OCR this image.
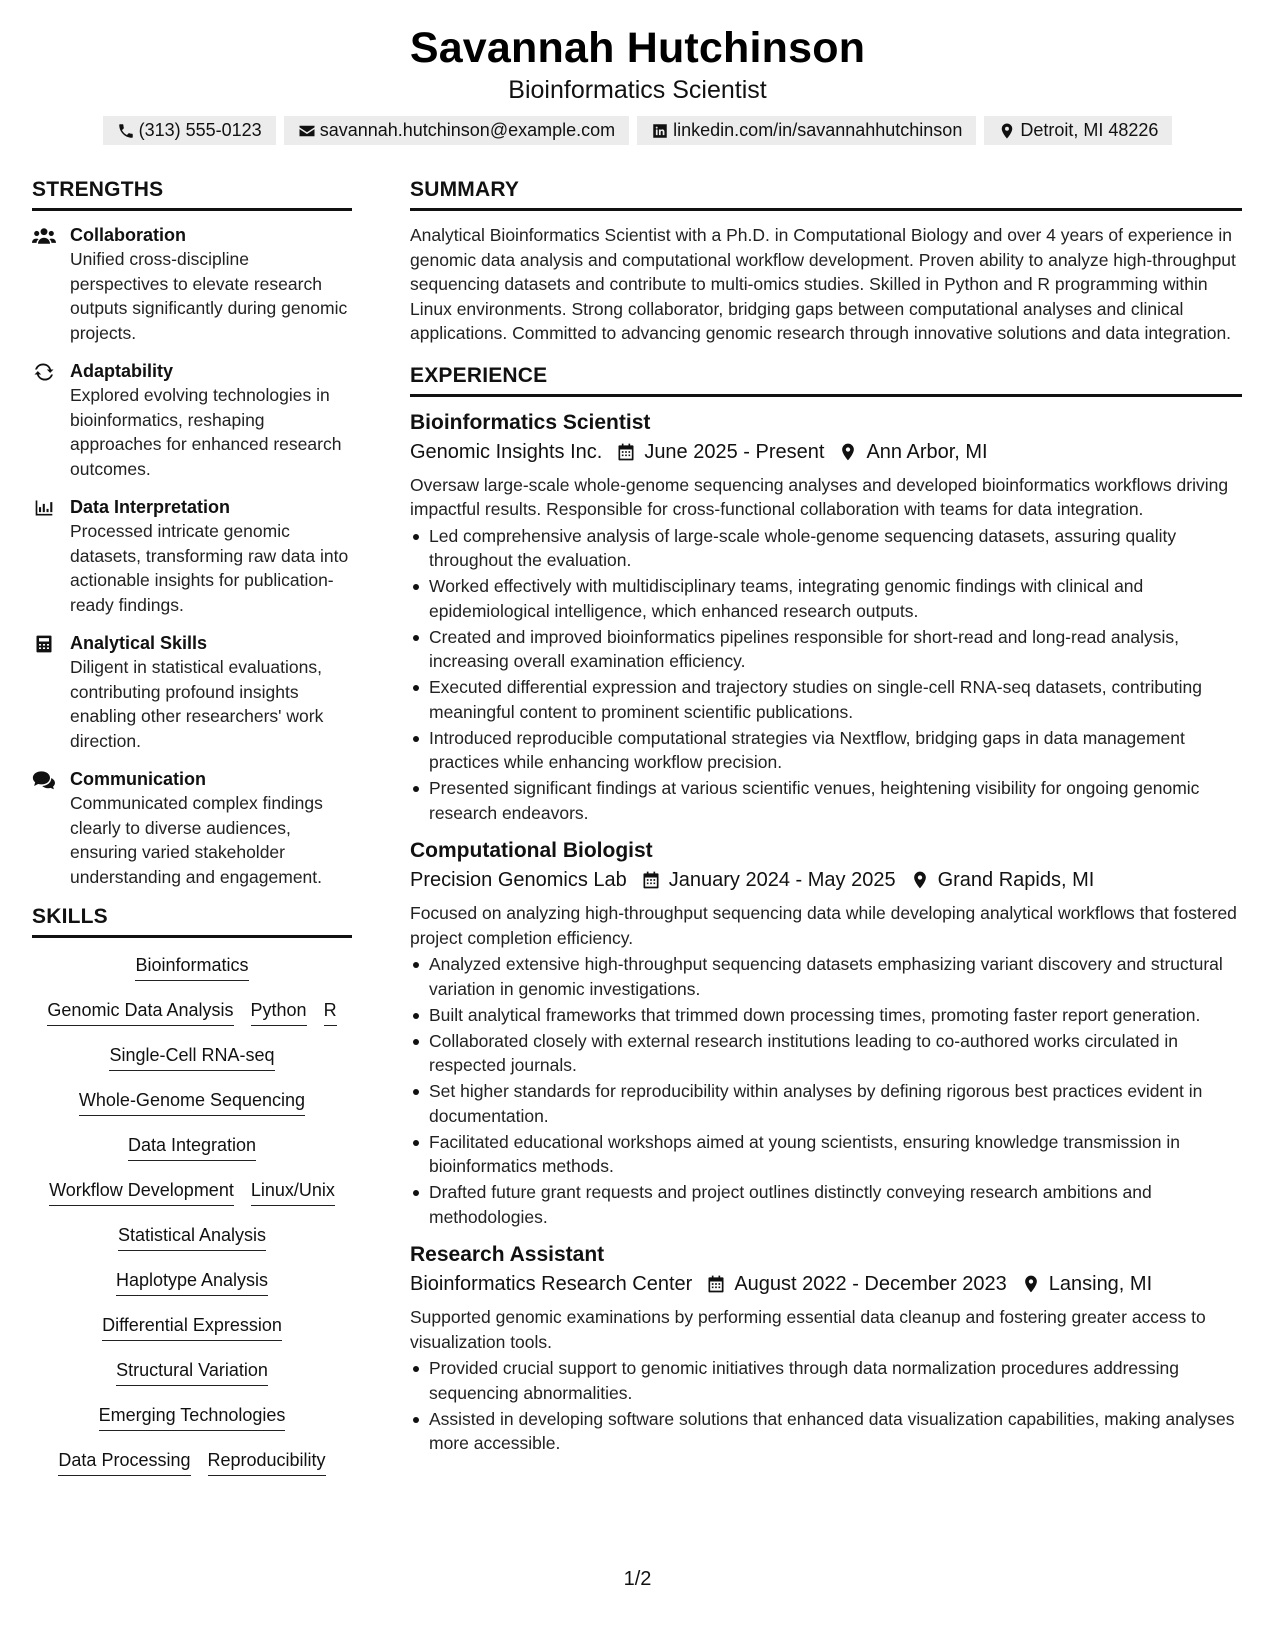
Savannah Hutchinson
Bioinformatics Scientist
(313) 555-0123	savannah.hutchinson@example.com	linkedin.com/in/savannahhutchinson	Detroit, MI 48226
STRENGTHS
Collaboration
Unified cross-discipline perspectives to elevate research outputs significantly during genomic projects.
Adaptability
Explored evolving technologies in bioinformatics, reshaping approaches for enhanced research outcomes.
Data Interpretation
Processed intricate genomic datasets, transforming raw data into actionable insights for publication-ready findings.
Analytical Skills
Diligent in statistical evaluations, contributing profound insights enabling other researchers' work direction.
Communication
Communicated complex findings clearly to diverse audiences, ensuring varied stakeholder understanding and engagement.
SKILLS
Bioinformatics
Genomic Data Analysis Python R
Single-Cell RNA-seq
Whole-Genome Sequencing
Data Integration
Workflow Development Linux/Unix
Statistical Analysis
Haplotype Analysis
Differential Expression
Structural Variation
Emerging Technologies
Data Processing Reproducibility
SUMMARY

Analytical Bioinformatics Scientist with a Ph.D. in Computational Biology and over 4 years of experience in genomic data analysis and computational workflow development. Proven ability to analyze high-throughput sequencing datasets and contribute to multi-omics studies. Skilled in Python and R programming within Linux environments. Strong collaborator, bridging gaps between computational analyses and clinical applications. Committed to advancing genomic research through innovative solutions and data integration.

EXPERIENCE
Bioinformatics Scientist
Genomic Insights Inc. June 2025 - Present Ann Arbor, MI
Oversaw large-scale whole-genome sequencing analyses and developed bioinformatics workflows driving impactful results. Responsible for cross-functional collaboration with teams for data integration.
Led comprehensive analysis of large-scale whole-genome sequencing datasets, assuring quality throughout the evaluation.
Worked effectively with multidisciplinary teams, integrating genomic findings with clinical and epidemiological intelligence, which enhanced research outputs.
Created and improved bioinformatics pipelines responsible for short-read and long-read analysis, increasing overall examination efficiency.
Executed differential expression and trajectory studies on single-cell RNA-seq datasets, contributing meaningful content to prominent scientific publications.
Introduced reproducible computational strategies via Nextflow, bridging gaps in data management practices while enhancing workflow precision.
Presented significant findings at various scientific venues, heightening visibility for ongoing genomic research endeavors.
Computational Biologist
Precision Genomics Lab January 2024 - May 2025 Grand Rapids, MI
Focused on analyzing high-throughput sequencing data while developing analytical workflows that fostered project completion efficiency.
Analyzed extensive high-throughput sequencing datasets emphasizing variant discovery and structural variation in genomic investigations.
Built analytical frameworks that trimmed down processing times, promoting faster report generation.
Collaborated closely with external research institutions leading to co-authored works circulated in respected journals.
Set higher standards for reproducibility within analyses by defining rigorous best practices evident in documentation.
Facilitated educational workshops aimed at young scientists, ensuring knowledge transmission in bioinformatics methods.
Drafted future grant requests and project outlines distinctly conveying research ambitions and methodologies.
Research Assistant
Bioinformatics Research Center August 2022 - December 2023 Lansing, MI
Supported genomic examinations by performing essential data cleanup and fostering greater access to visualization tools.
Provided crucial support to genomic initiatives through data normalization procedures addressing sequencing abnormalities.
Assisted in developing software solutions that enhanced data visualization capabilities, making analyses more accessible.
1/2
